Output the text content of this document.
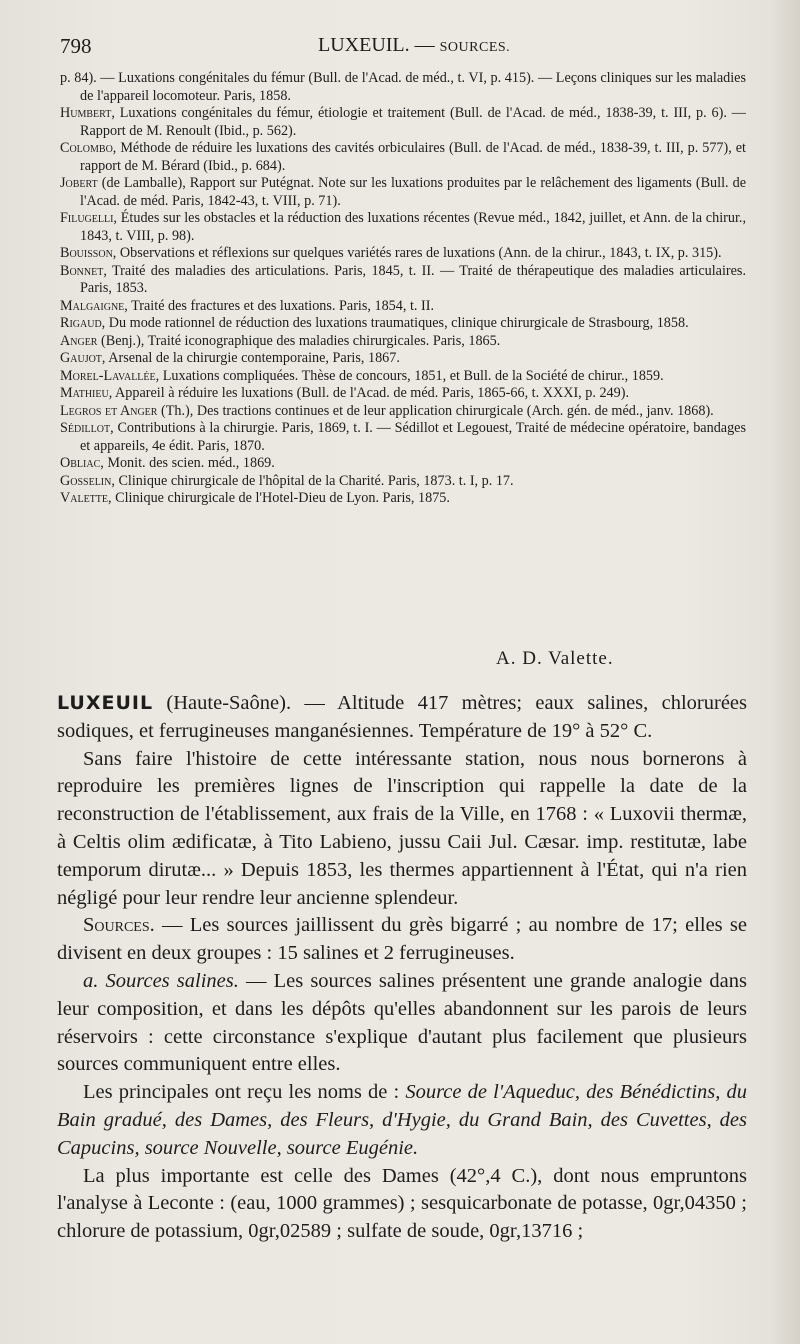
798	LUXEUIL. — SOURCES.

p. 84). — Luxations congénitales du fémur (Bull. de l'Acad. de méd., t. VI, p. 415). — Leçons cliniques sur les maladies de l'appareil locomoteur. Paris, 1858.

Humbert, Luxations congénitales du fémur, étiologie et traitement (Bull. de l'Acad. de méd., 1838-39, t. III, p. 6). — Rapport de M. Renoult (Ibid., p. 562).

Colombo, Méthode de réduire les luxations des cavités orbiculaires (Bull. de l'Acad. de méd., 1838-39, t. III, p. 577), et rapport de M. Bérard (Ibid., p. 684).

Jobert (de Lamballe), Rapport sur Putégnat. Note sur les luxations produites par le relâchement des ligaments (Bull. de l'Acad. de méd. Paris, 1842-43, t. VIII, p. 71).

Filugelli, Études sur les obstacles et la réduction des luxations récentes (Revue méd., 1842, juillet, et Ann. de la chirur., 1843, t. VIII, p. 98).

Bouisson, Observations et réflexions sur quelques variétés rares de luxations (Ann. de la chirur., 1843, t. IX, p. 315).

Bonnet, Traité des maladies des articulations. Paris, 1845, t. II. — Traité de thérapeutique des maladies articulaires. Paris, 1853.

Malgaigne, Traité des fractures et des luxations. Paris, 1854, t. II.

Rigaud, Du mode rationnel de réduction des luxations traumatiques, clinique chirurgicale de Strasbourg, 1858.

Anger (Benj.), Traité iconographique des maladies chirurgicales. Paris, 1865.

Gaujot, Arsenal de la chirurgie contemporaine, Paris, 1867.

Morel-Lavallée, Luxations compliquées. Thèse de concours, 1851, et Bull. de la Société de chirur., 1859.

Mathieu, Appareil à réduire les luxations (Bull. de l'Acad. de méd. Paris, 1865-66, t. XXXI, p. 249).

Legros et Anger (Th.), Des tractions continues et de leur application chirurgicale (Arch. gén. de méd., janv. 1868).

Sédillot, Contributions à la chirurgie. Paris, 1869, t. I. — Sédillot et Legouest, Traité de médecine opératoire, bandages et appareils, 4e édit. Paris, 1870.

Obliac, Monit. des scien. méd., 1869.

Gosselin, Clinique chirurgicale de l'hôpital de la Charité. Paris, 1873. t. I, p. 17.

Valette, Clinique chirurgicale de l'Hotel-Dieu de Lyon. Paris, 1875.

A. D. Valette.

LUXEUIL (Haute-Saône). — Altitude 417 mètres; eaux salines, chlorurées sodiques, et ferrugineuses manganésiennes. Température de 19° à 52° C.

Sans faire l'histoire de cette intéressante station, nous nous bornerons à reproduire les premières lignes de l'inscription qui rappelle la date de la reconstruction de l'établissement, aux frais de la Ville, en 1768 : « Luxovii thermæ, à Celtis olim ædificatæ, à Tito Labieno, jussu Caii Jul. Cæsar. imp. restitutæ, labe temporum dirutæ... » Depuis 1853, les thermes appartiennent à l'État, qui n'a rien négligé pour leur rendre leur ancienne splendeur.

Sources. — Les sources jaillissent du grès bigarré ; au nombre de 17; elles se divisent en deux groupes : 15 salines et 2 ferrugineuses.

a. Sources salines. — Les sources salines présentent une grande analogie dans leur composition, et dans les dépôts qu'elles abandonnent sur les parois de leurs réservoirs : cette circonstance s'explique d'autant plus facilement que plusieurs sources communiquent entre elles.

Les principales ont reçu les noms de : Source de l'Aqueduc, des Bénédictins, du Bain gradué, des Dames, des Fleurs, d'Hygie, du Grand Bain, des Cuvettes, des Capucins, source Nouvelle, source Eugénie.

La plus importante est celle des Dames (42°,4 C.), dont nous empruntons l'analyse à Leconte : (eau, 1000 grammes) ; sesquicarbonate de potasse, 0gr,04350 ; chlorure de potassium, 0gr,02589 ; sulfate de soude, 0gr,13716 ;
